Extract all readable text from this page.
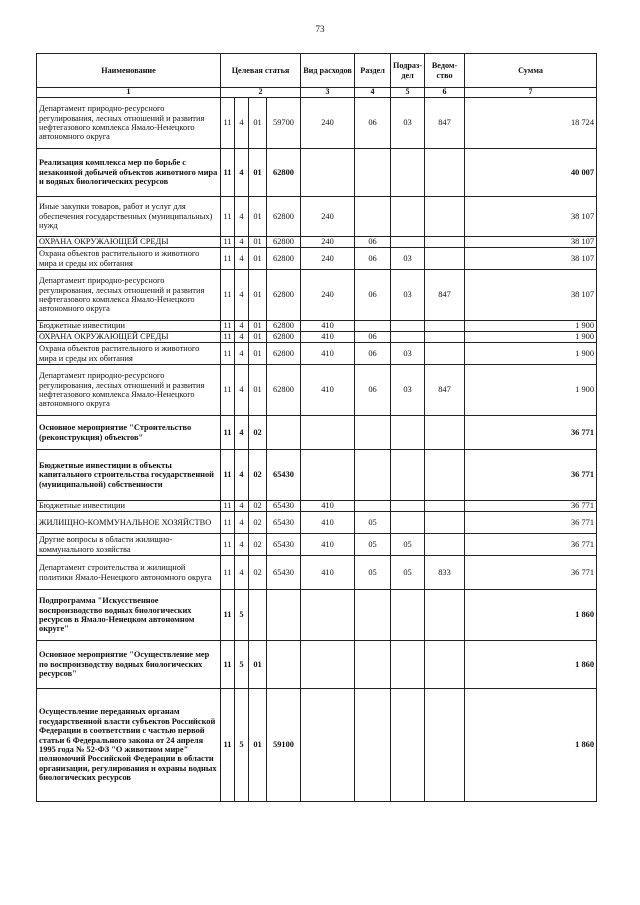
73
Наименование	Целевая статья				Вид расходов	Раздел	Подраз-дел	Ведом-ство	Сумма
1	2				3	4	5	6	7
Департамент природно-ресурсного регулирования, лесных отношений и развития нефтегазового комплекса Ямало-Ненецкого автономного округа	11	4	01	59700	240	06	03	847	18 724
Реализация комплекса мер по борьбе с незаконной добычей объектов животного мира и водных биологических ресурсов	11	4	01	62800					40 007
Иные закупки товаров, работ и услуг для обеспечения государственных (муниципальных) нужд	11	4	01	62800	240				38 107
ОХРАНА ОКРУЖАЮЩЕЙ СРЕДЫ	11	4	01	62800	240	06			38 107
Охрана объектов растительного и животного мира и среды их обитания	11	4	01	62800	240	06	03		38 107
Департамент природно-ресурсного регулирования, лесных отношений и развития нефтегазового комплекса Ямало-Ненецкого автономного округа	11	4	01	62800	240	06	03	847	38 107
Бюджетные инвестиции	11	4	01	62800	410				1 900
ОХРАНА ОКРУЖАЮЩЕЙ СРЕДЫ	11	4	01	62800	410	06			1 900
Охрана объектов растительного и животного мира и среды их обитания	11	4	01	62800	410	06	03		1 900
Департамент природно-ресурсного регулирования, лесных отношений и развития нефтегазового комплекса Ямало-Ненецкого автономного округа	11	4	01	62800	410	06	03	847	1 900
Основное мероприятие "Строительство (реконструкция) объектов"	11	4	02						36 771
Бюджетные инвестиции в объекты капитального строительства государственной (муниципальной) собственности	11	4	02	65430					36 771
Бюджетные инвестиции	11	4	02	65430	410				36 771
ЖИЛИЩНО-КОММУНАЛЬНОЕ ХОЗЯЙСТВО	11	4	02	65430	410	05			36 771
Другие вопросы в области жилищно-коммунального хозяйства	11	4	02	65430	410	05	05		36 771
Департамент строительства и жилищной политики Ямало-Ненецкого автономного округа	11	4	02	65430	410	05	05	833	36 771
Подпрограмма "Искусственное воспроизводство водных биологических ресурсов в Ямало-Ненецком автономном округе"	11	5							1 860
Основное мероприятие "Осуществление мер по воспроизводству водных биологических ресурсов"	11	5	01						1 860
Осуществление переданных органам государственной власти субъектов Российской Федерации в соответствии с частью первой статьи 6 Федерального закона от 24 апреля 1995 года № 52-ФЗ "О животном мире" полномочий Российской Федерации в области организации, регулирования и охраны водных биологических ресурсов	11	5	01	59100					1 860
